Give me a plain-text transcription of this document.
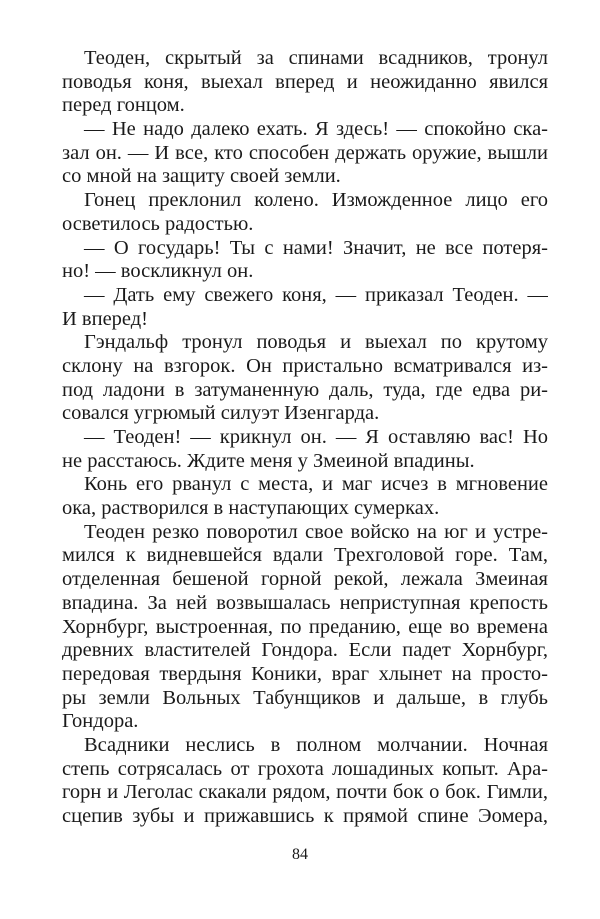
Теоден, скрытый за спинами всадников, тронул
поводья коня, выехал вперед и неожиданно явился
перед гонцом.
— Не надо далеко ехать. Я здесь! — спокойно ска-
зал он. — И все, кто способен держать оружие, вышли
со мной на защиту своей земли.
Гонец преклонил колено. Изможденное лицо его
осветилось радостью.
— О государь! Ты с нами! Значит, не все потеря-
но! — воскликнул он.
— Дать ему свежего коня, — приказал Теоден. —
И вперед!
Гэндальф тронул поводья и выехал по крутому
склону на взгорок. Он пристально всматривался из-
под ладони в затуманенную даль, туда, где едва ри-
совался угрюмый силуэт Изенгарда.
— Теоден! — крикнул он. — Я оставляю вас! Но
не расстаюсь. Ждите меня у Змеиной впадины.
Конь его рванул с места, и маг исчез в мгновение
ока, растворился в наступающих сумерках.
Теоден резко поворотил свое войско на юг и устре-
мился к видневшейся вдали Трехголовой горе. Там,
отделенная бешеной горной рекой, лежала Змеиная
впадина. За ней возвышалась неприступная крепость
Хорнбург, выстроенная, по преданию, еще во времена
древних властителей Гондора. Если падет Хорнбург,
передовая твердыня Коники, враг хлынет на просто-
ры земли Вольных Табунщиков и дальше, в глубь
Гондора.
Всадники неслись в полном молчании. Ночная
степь сотрясалась от грохота лошадиных копыт. Ара-
горн и Леголас скакали рядом, почти бок о бок. Гимли,
сцепив зубы и прижавшись к прямой спине Эомера,
84
